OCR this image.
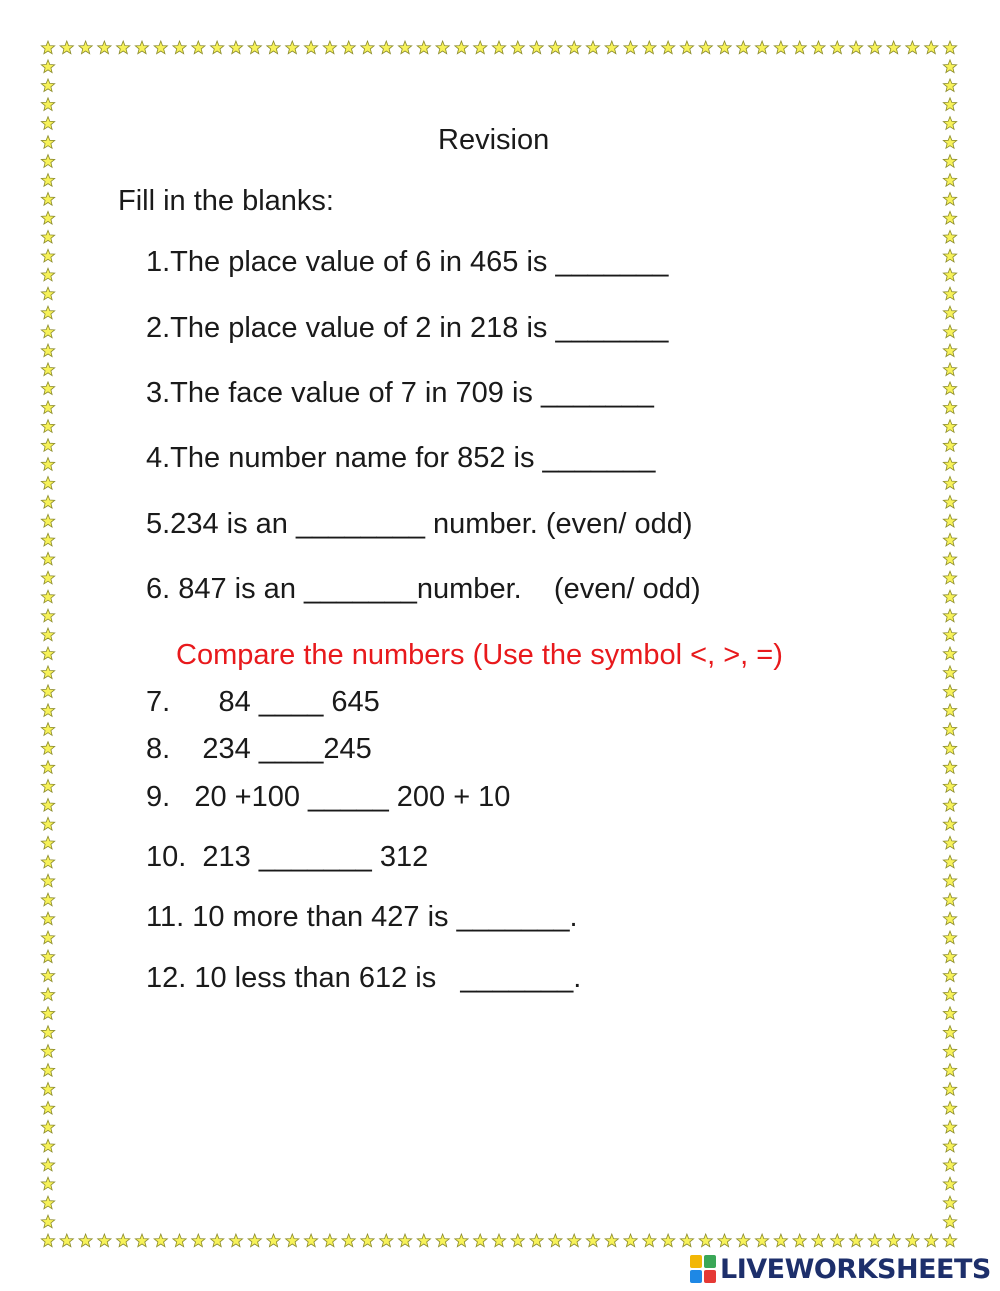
Revision
Fill in the blanks:
1.The place value of 6 in 465 is _______
2.The place value of 2 in 218 is _______
3.The face value of 7 in 709 is _______
4.The number name for 852 is _______
5.234 is an ________ number. (even/ odd)
6. 847 is an _______number.    (even/ odd)
Compare the numbers (Use the symbol <, >, =)
7.      84 ____ 645
8.    234 ____245
9.   20 +100 _____ 200 + 10
10.  213 _______ 312
11. 10 more than 427 is _______.
12. 10 less than 612 is   _______.
LIVEWORKSHEETS
